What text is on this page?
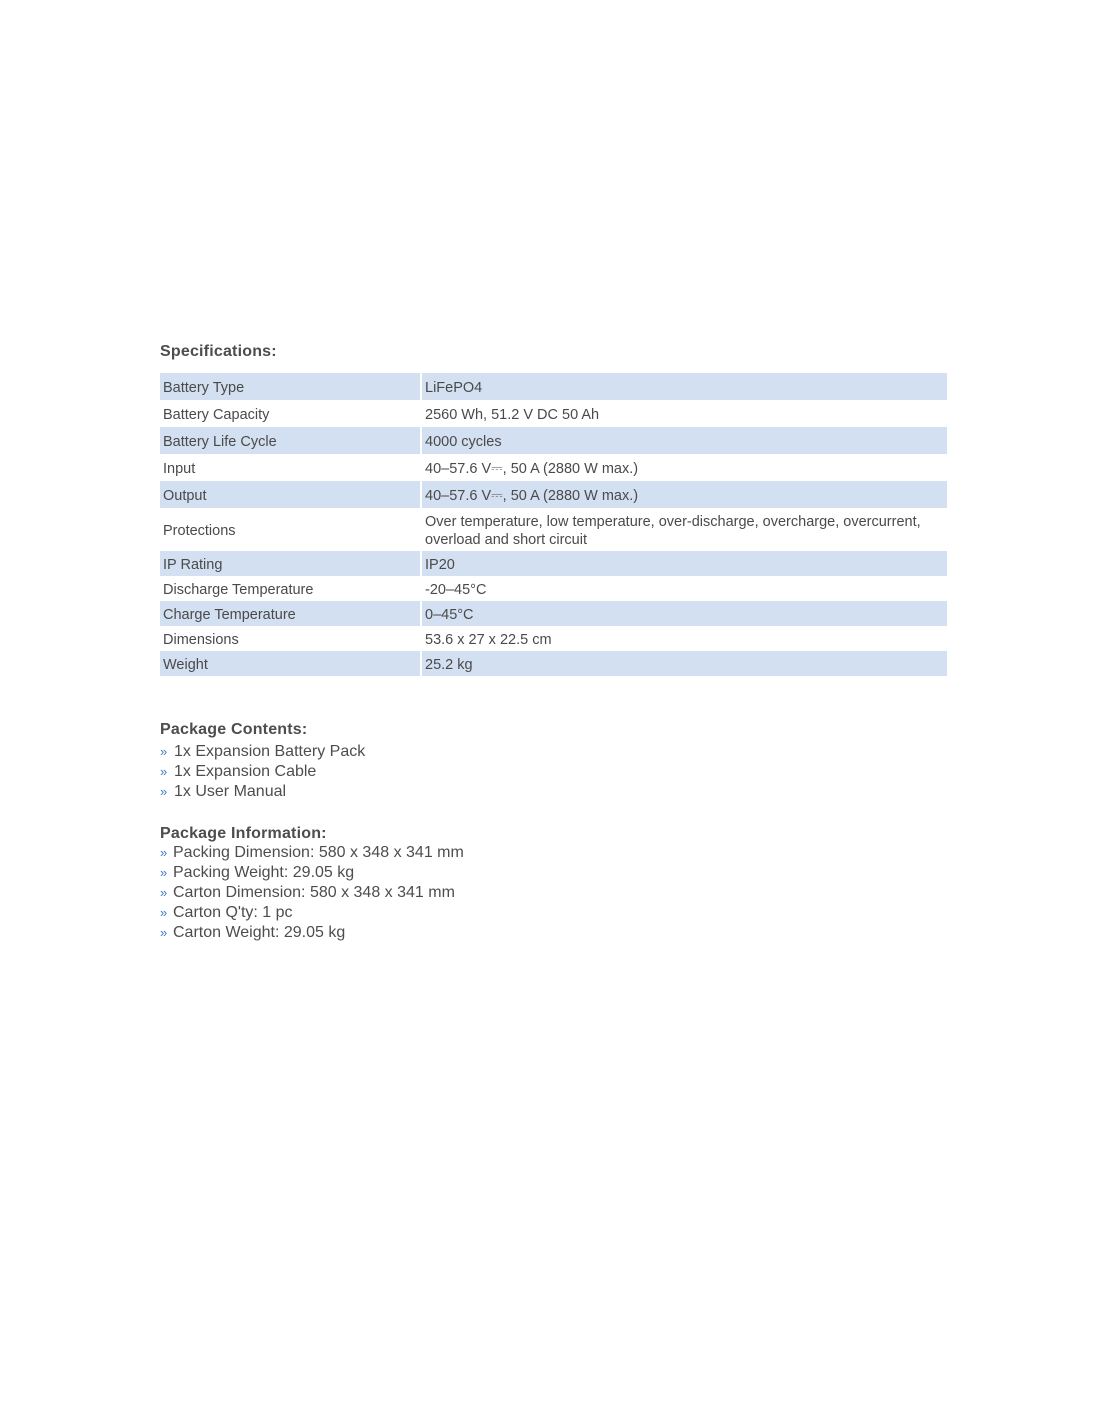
Specifications:
Battery Type	LiFePO4
Battery Capacity	2560 Wh, 51.2 V DC 50 Ah
Battery Life Cycle	4000 cycles
Input	40–57.6 V⎓, 50 A (2880 W max.)
Output	40–57.6 V⎓, 50 A (2880 W max.)
Protections	Over temperature, low temperature, over-discharge, overcharge, overcurrent, overload and short circuit
IP Rating	IP20
Discharge Temperature	-20–45°C
Charge Temperature	0–45°C
Dimensions	53.6 x 27 x 22.5 cm
Weight	25.2 kg
Package Contents:
» 1x Expansion Battery Pack
» 1x Expansion Cable
» 1x User Manual
Package Information:
» Packing Dimension: 580 x 348 x 341 mm
» Packing Weight: 29.05 kg
» Carton Dimension: 580 x 348 x 341 mm
» Carton Q'ty: 1 pc
» Carton Weight: 29.05 kg
